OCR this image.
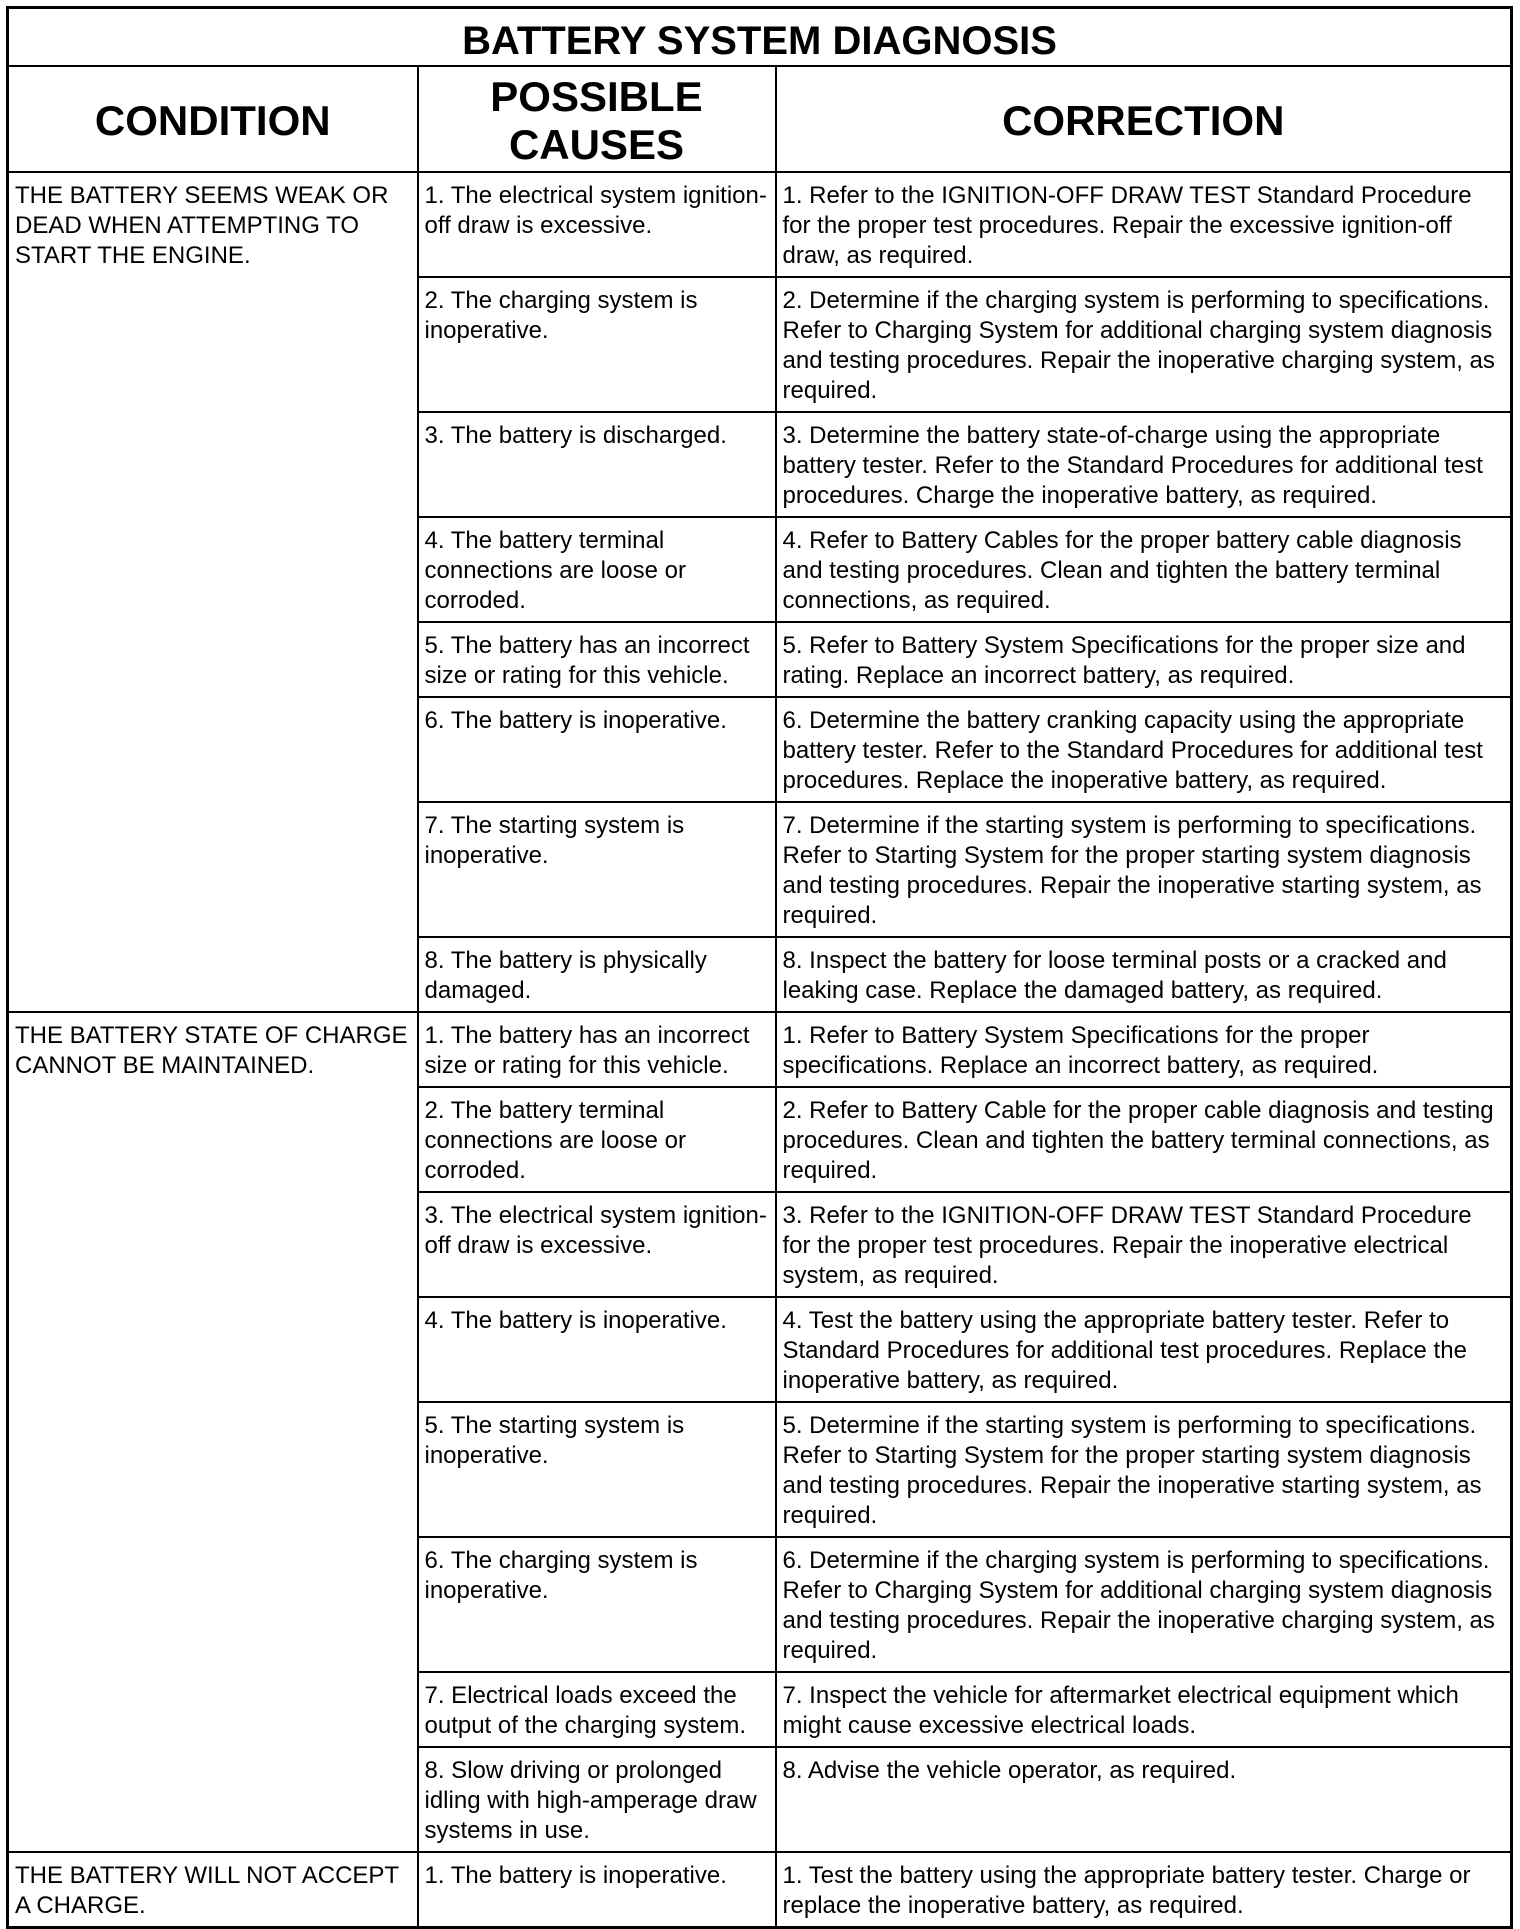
BATTERY SYSTEM DIAGNOSIS		
CONDITION	POSSIBLE CAUSES	CORRECTION
THE BATTERY SEEMS WEAK OR DEAD WHEN ATTEMPTING TO START THE ENGINE.	1. The electrical system ignition-off draw is excessive.	1. Refer to the IGNITION-OFF DRAW TEST Standard Procedure for the proper test procedures. Repair the excessive ignition-off draw, as required.
	2. The charging system is inoperative.	2. Determine if the charging system is performing to specifications. Refer to Charging System for additional charging system diagnosis and testing procedures. Repair the inoperative charging system, as required.
	3. The battery is discharged.	3. Determine the battery state-of-charge using the appropriate battery tester. Refer to the Standard Procedures for additional test procedures. Charge the inoperative battery, as required.
	4. The battery terminal connections are loose or corroded.	4. Refer to Battery Cables for the proper battery cable diagnosis and testing procedures. Clean and tighten the battery terminal connections, as required.
	5. The battery has an incorrect size or rating for this vehicle.	5. Refer to Battery System Specifications for the proper size and rating. Replace an incorrect battery, as required.
	6. The battery is inoperative.	6. Determine the battery cranking capacity using the appropriate battery tester. Refer to the Standard Procedures for additional test procedures. Replace the inoperative battery, as required.
	7. The starting system is inoperative.	7. Determine if the starting system is performing to specifications. Refer to Starting System for the proper starting system diagnosis and testing procedures. Repair the inoperative starting system, as required.
	8. The battery is physically damaged.	8. Inspect the battery for loose terminal posts or a cracked and leaking case. Replace the damaged battery, as required.
THE BATTERY STATE OF CHARGE CANNOT BE MAINTAINED.	1. The battery has an incorrect size or rating for this vehicle.	1. Refer to Battery System Specifications for the proper specifications. Replace an incorrect battery, as required.
	2. The battery terminal connections are loose or corroded.	2. Refer to Battery Cable for the proper cable diagnosis and testing procedures. Clean and tighten the battery terminal connections, as required.
	3. The electrical system ignition-off draw is excessive.	3. Refer to the IGNITION-OFF DRAW TEST Standard Procedure for the proper test procedures. Repair the inoperative electrical system, as required.
	4. The battery is inoperative.	4. Test the battery using the appropriate battery tester. Refer to Standard Procedures for additional test procedures. Replace the inoperative battery, as required.
	5. The starting system is inoperative.	5. Determine if the starting system is performing to specifications. Refer to Starting System for the proper starting system diagnosis and testing procedures. Repair the inoperative starting system, as required.
	6. The charging system is inoperative.	6. Determine if the charging system is performing to specifications. Refer to Charging System for additional charging system diagnosis and testing procedures. Repair the inoperative charging system, as required.
	7. Electrical loads exceed the output of the charging system.	7. Inspect the vehicle for aftermarket electrical equipment which might cause excessive electrical loads.
	8. Slow driving or prolonged idling with high-amperage draw systems in use.	8. Advise the vehicle operator, as required.
THE BATTERY WILL NOT ACCEPT A CHARGE.	1. The battery is inoperative.	1. Test the battery using the appropriate battery tester. Charge or replace the inoperative battery, as required.
